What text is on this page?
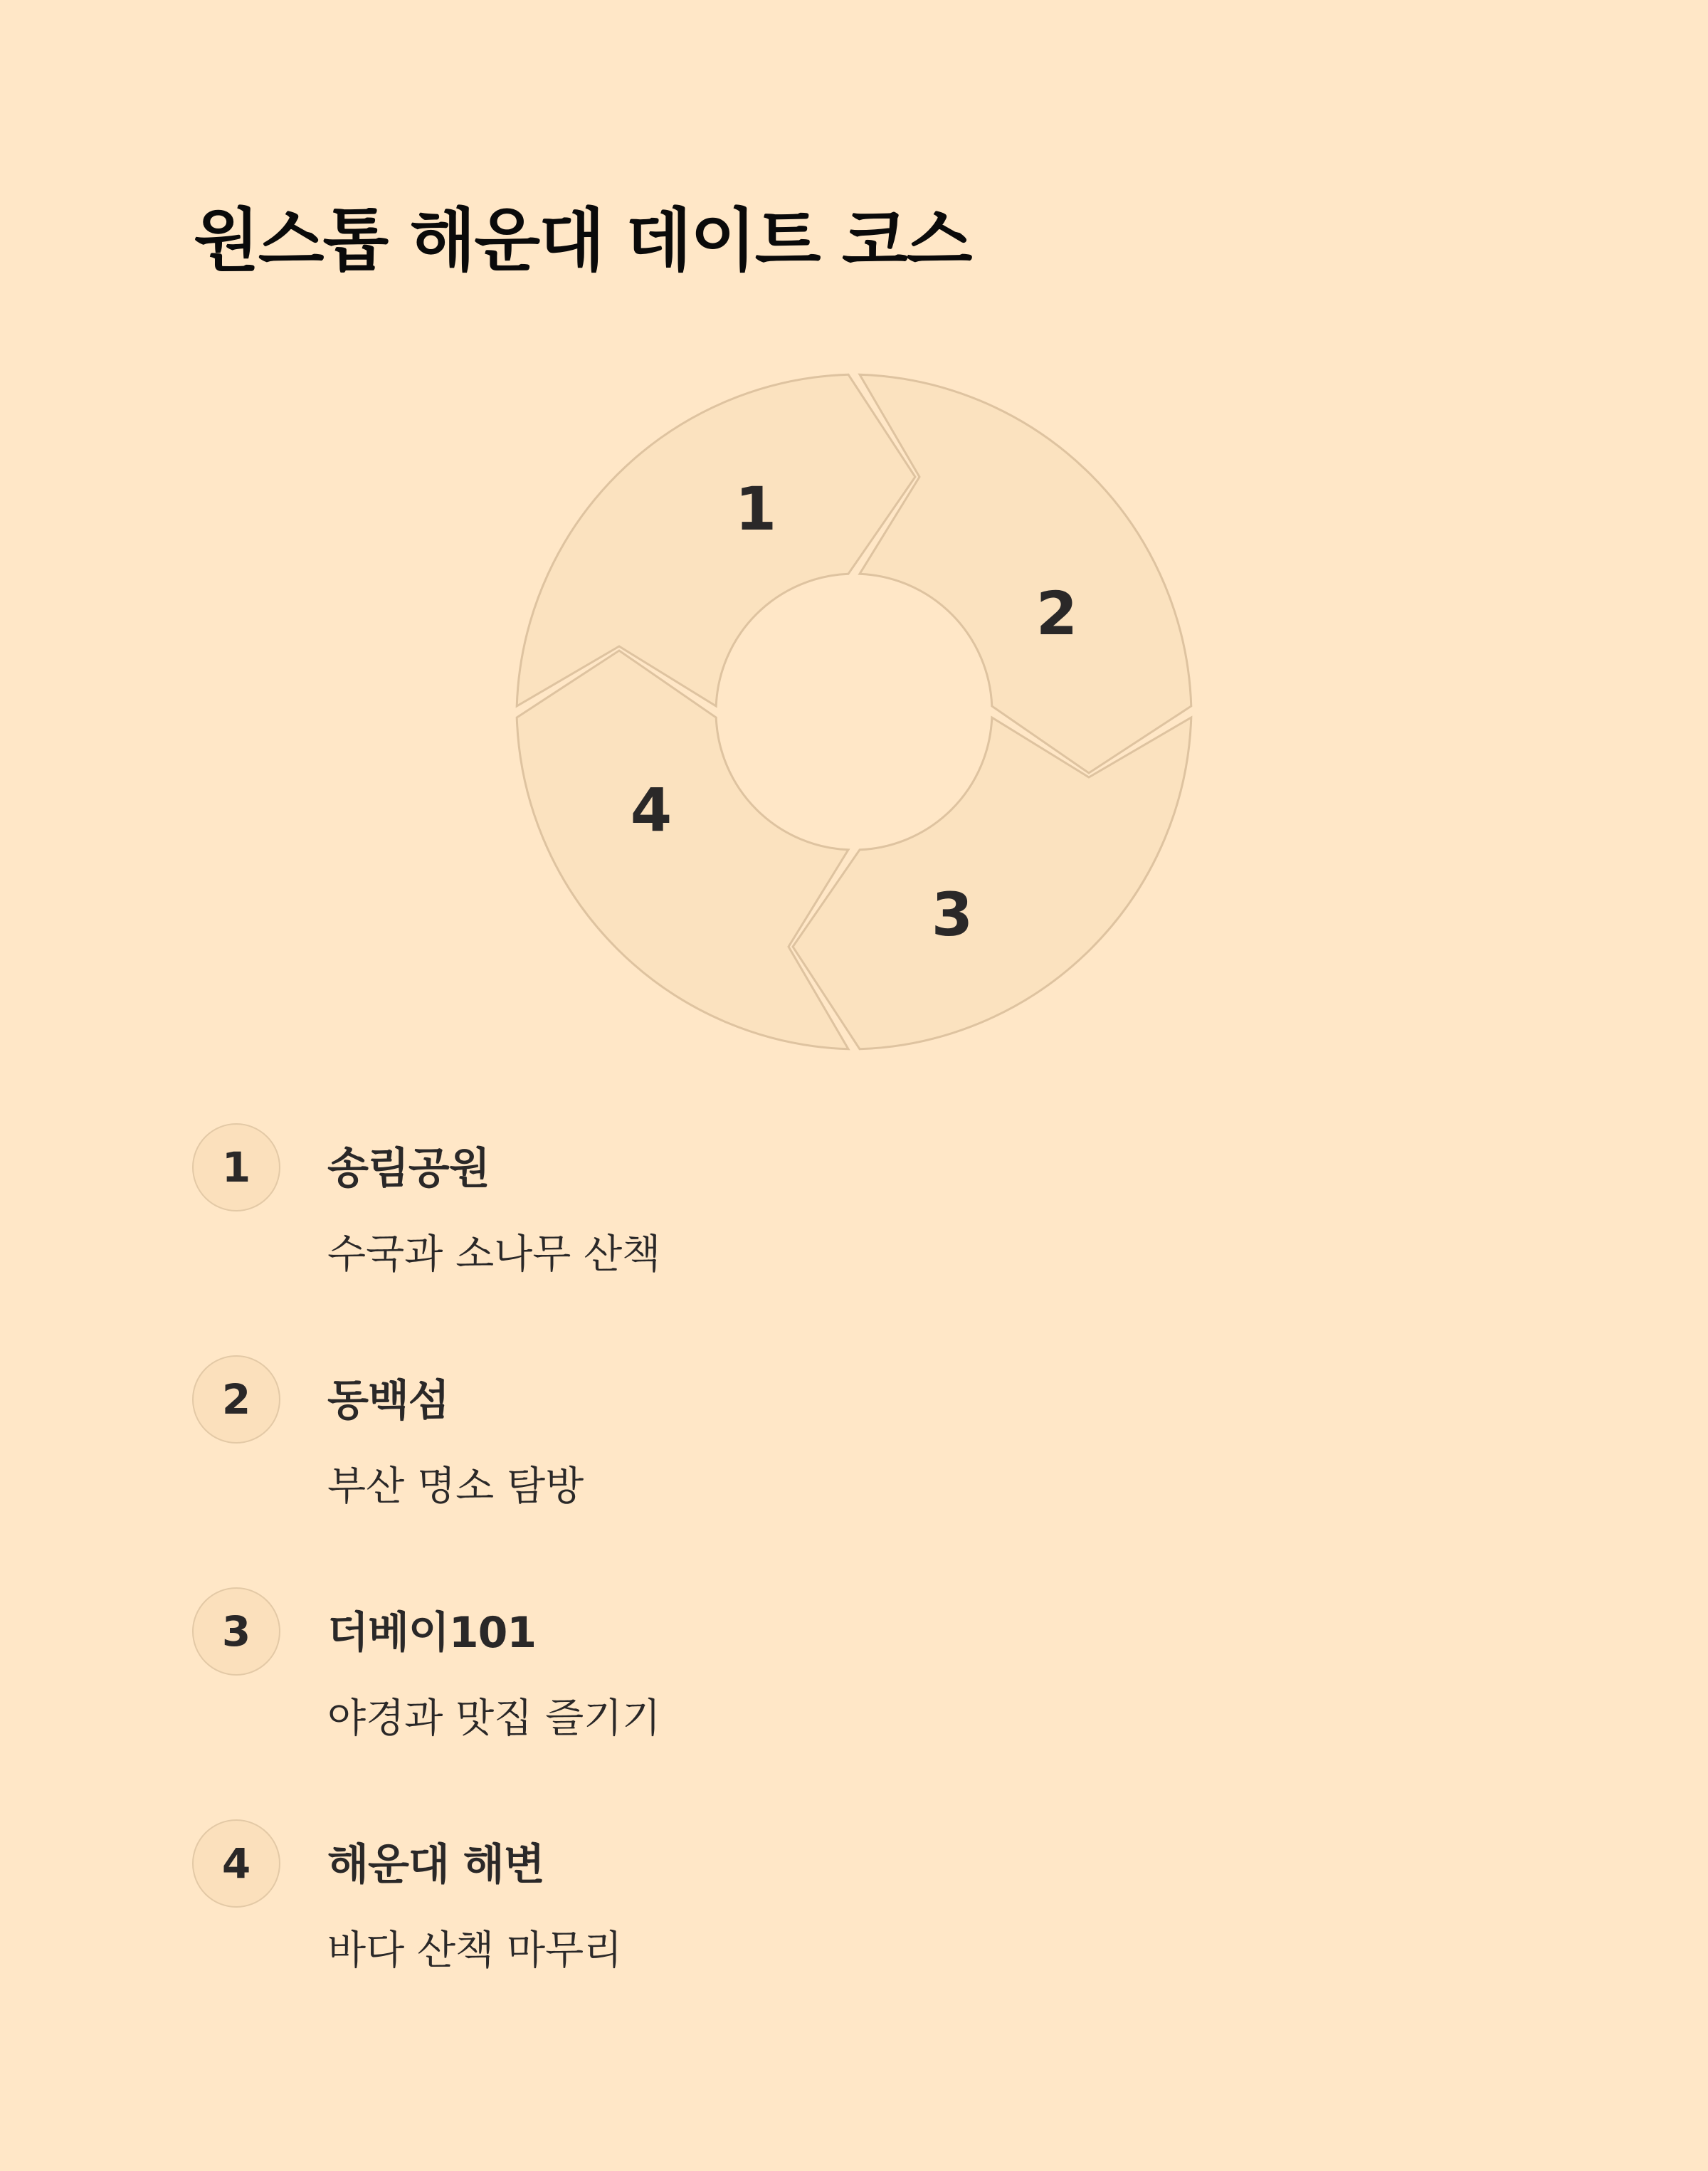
원스톱 해운대 데이트 코스
1
2
3
4
1	송림공원
수국과 소나무 산책
2	동백섬
부산 명소 탐방
3	더베이101
야경과 맛집 즐기기
4	해운대 해변
바다 산책 마무리
